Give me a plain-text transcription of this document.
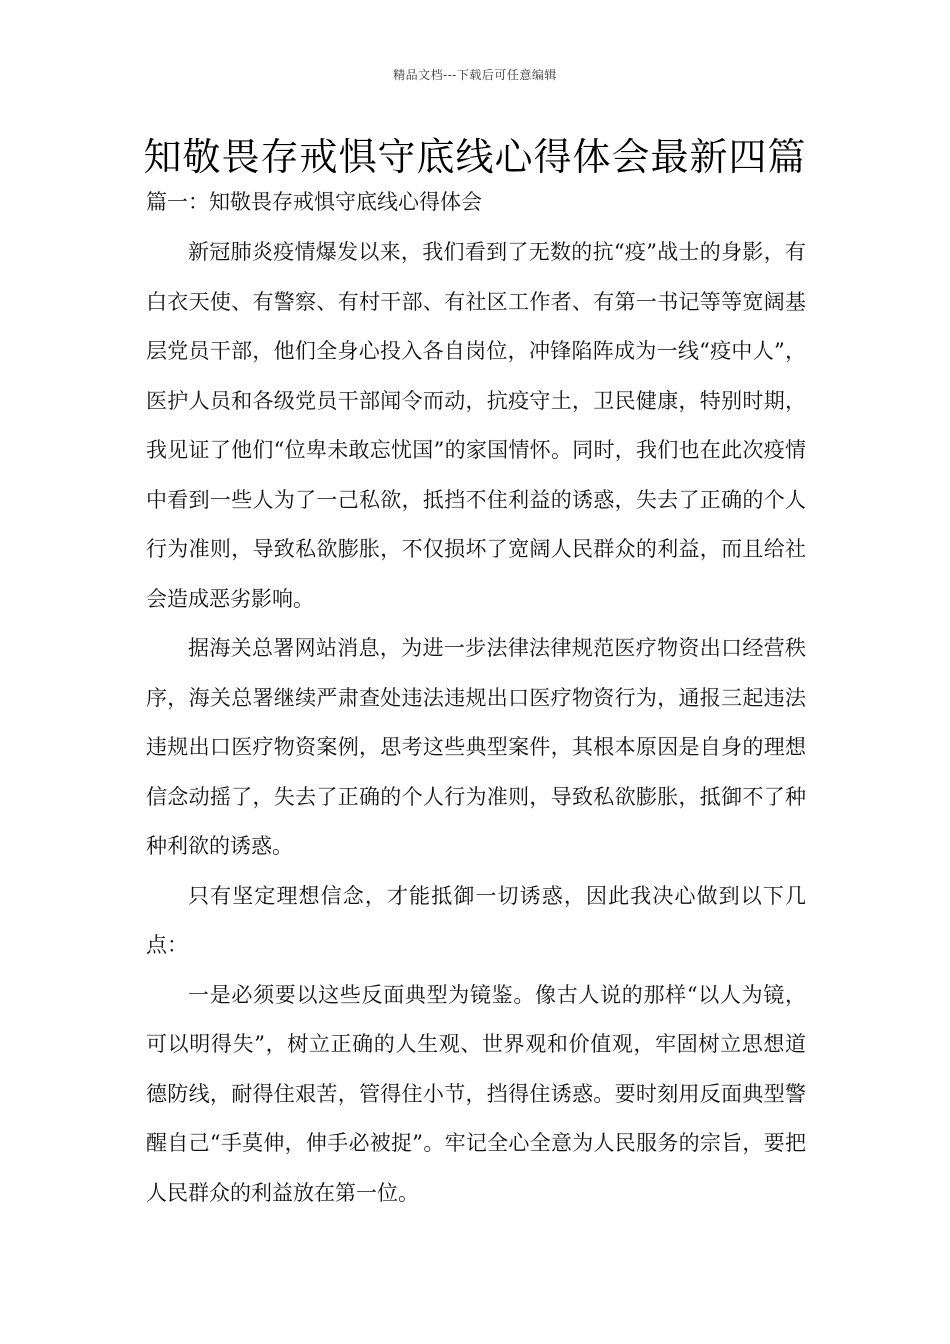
精品文档---下载后可任意编辑
知敬畏存戒惧守底线心得体会最新四篇
篇一：知敬畏存戒惧守底线心得体会

新冠肺炎疫情爆发以来，我们看到了无数的抗“疫”战士的身影，有白衣天使、有警察、有村干部、有社区工作者、有第一书记等等宽阔基层党员干部，他们全身心投入各自岗位，冲锋陷阵成为一线“疫中人”，医护人员和各级党员干部闻令而动，抗疫守土，卫民健康，特别时期，我见证了他们“位卑未敢忘忧国”的家国情怀。同时，我们也在此次疫情中看到一些人为了一己私欲，抵挡不住利益的诱惑，失去了正确的个人行为准则，导致私欲膨胀，不仅损坏了宽阔人民群众的利益，而且给社会造成恶劣影响。

据海关总署网站消息，为进一步法律法律规范医疗物资出口经营秩序，海关总署继续严肃查处违法违规出口医疗物资行为，通报三起违法违规出口医疗物资案例，思考这些典型案件，其根本原因是自身的理想信念动摇了，失去了正确的个人行为准则，导致私欲膨胀，抵御不了种种利欲的诱惑。

只有坚定理想信念，才能抵御一切诱惑，因此我决心做到以下几点：

一是必须要以这些反面典型为镜鉴。像古人说的那样“以人为镜，可以明得失”，树立正确的人生观、世界观和价值观，牢固树立思想道德防线，耐得住艰苦，管得住小节，挡得住诱惑。要时刻用反面典型警醒自己“手莫伸，伸手必被捉”。牢记全心全意为人民服务的宗旨，要把人民群众的利益放在第一位。
